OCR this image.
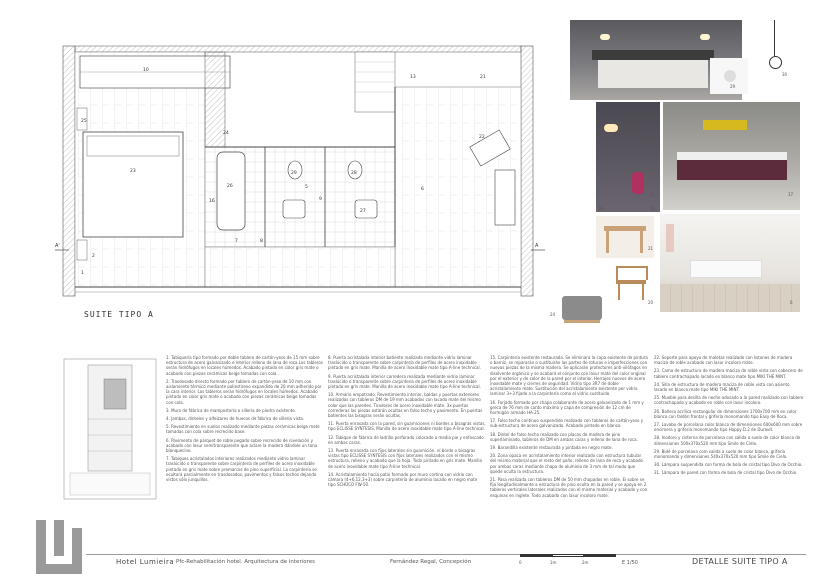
A'	A
10
13	21
22
25
24
23
16
26
29	28
27
5
9
6
7	8
2
1
SUITE TIPO A
29
30
22	17
18
19
21
20
24
6

1. Tabiquería tipo formado por doble tablero de cartón-yeso de 15 mm sobre estructura de acero galvanizado e interior relleno de lana de roca.Los tableros serán hidrófugos en locales húmedos. Acabado pintado en color gris mate o acabado con piezas cerámicas beige tomadas con cola.

2. Trasdosado directo formado por tablero de cartón-yeso de 10 mm con aislamiento térmico mediante poliestireno expandido de 20 mm adherido por la cara interior. Los tableros serán hidrófugos en locales húmedos. Acabado pintado en color gris mate o acabado con piezas cerámicas beige tomadas con cola.

3. Muro de fábrica de mampostería o sillería de piedra existente.

4. Jambas, dinteles y alfeizares de huecos de fábrica de sillería vista.

5. Revestimiento en suelos realizado mediante piezas cerámicas beige mate tomadas con cola sobre recrecido base.

6. Pavimento de parquet de roble pegado sobre recrecido de nivelación y acabado con lasur semitransparente que aclare la madera dándole un tono blanquecino.

7. Tabiques acristalados interiores realizados mediante vidrio laminar traslúcido o transparente sobre carpintería de perfiles de acero inoxidable pintado en gris mate sobre premarcos de pino superficial. La carpintería se ocultará parcialmente en trasdosados, pavimentos y falsos techos dejando vistos sólo junquillos.

8. Puerta acristalada interior batiente realizada mediante vidrio laminar traslúcido o transparente sobre carpintería de perfiles de acero inoxidable pintado en gris mate. Manilla de acero inoxidable mate tipo A-line technical.

9. Puerta acristalada interior corredera realizada mediante vidrio laminar traslúcido o transparente sobre carpintería de perfiles de acero inoxidable pintado en gris mate. Manilla de acero inoxidable mate tipo A-line technical.

10. Armario empotrado. Revestimiento interior, baldas y puertas exteriores realizadas con tableros DM de 19 mm acabados con lacado mate del mismo color que las paredes. Tiradores de acero inoxidable mate. 3x puertas correderas las piezas estarán ocultas en falso techo y pavimento. En puertas batientes las bisagras serán ocultas.

11. Puerta enrasada con la pared, sin guarniciones ni bordes o bisagras vistas, tipo ECLISSE SYNTESIS. Manilla de acero inoxidable mate tipo A-line technical.

12. Tabique de fábrica de ladrillo perforado colocado a media pie y enfoscado en ambas caras.

13. Puerta enrasada con fijos laterales sin guarnición, ni borde o bisagras vistas tipo ECLISSE SYNTESIS con fijos laterales realizados con el mismo estructura, relleno y acabado que la hoja. Todo pintado en gris mate. Manilla de acero inoxidable mate tipo A-line technical.

14. Acristalamiento hacia patio formado por muro cortina con vidrio con cámara (4+6,12,3+3) sobre carpintería de aluminio lacado en negro mate tipo SCHÜCO FW-50.

15. Carpintería existente restaurada. Se eliminará la capa existente de pintura o barniz, se repararán o sustituirán las partes de roturas e imperfecciones con nuevas piezas de la misma madera. Se aplicarán protectores anti-xilófagos en disolvente orgánico y se acabará el conjunto con lasur mate del color original por el exterior y de color de la pared por el interior. Herrajes nuevos de acero inoxidable mate y cierres de seguridad. Vidrio tipo 3R7 de doble acristalamiento mate. Sustitución del acristalamiento existente por vidrio laminar 3+3 fijado a la carpintería como el vidrio sustituido.

16. Forjado formado por chapa colaborante de acero galvanizado de 1 mm y greca de 76 mm de canto máximo y capa de compresión de 12 cm de hormigón armado HA-25.

17. Falso techo continuo suspendido realizado con tableros de cartón-yeso y sub-estructura de acero galvanizado. Acabado pintado en blanco.

18. Dintel de falso techo realizado con placas de madera de pino superlaminado, tableros de DM en ambas caras y relleno de lana de roca.

19. Barandilla existente restaurada y pintada en negro mate.

20. Zona opaca en acristalamiento interior realizado con estructura tubular del mismo material que el resto del paño, relleno de lana de roca y acabado por ambas caras mediante chapa de aluminio de 3 mm de tal modo que quede oculta la estructura.

21. Pasa realizada con tableros DM de 50 mm chapados en roble. El sobre se fija longitudinalmente a estructura de pino oculta en la pared y se apoya en 2 tableros verticales laterales realizados con el mismo material y acabado y con esquinas en inglete. Todo acabado con lasur incoloro mate.

22. Soporte para apoyo de maletas realizado con listones de madera maciza de roble acabado con lasur incoloro mate.

23. Cama de estructura de madera maciza de roble vista con cabecero de tablero contrachapado lacado en blanco mate tipo MIKI THE MINT.

24. Silla de estructura de madera maciza de roble vista con asiento lacado en blanco mate tipo MIKI THE MINT.

25. Mueble para desilla de noche adosado a la pared realizado con tablero contrachapado y acabado en roble con lasur incoloro.

26. Bañera acrílica rectangular de dimensiones 1700x700 mm en color blanco con faldón frontal y grifería monomando tipo Easy de Roca.

27. Lavabo de porcelana color blanco de dimensiones 600x600 mm sobre encimera y grifería monomando tipo Happy D.2 de Duravit.

28. Inodoro y cisterna de porcelana con salida a suelo de color blanco de dimensiones 500x370x520 mm tipo Smile de Cielo.

29. Bidé de porcelana com salida a suelo de color blanco, grifería monomando y dimensiones 540x370x520 mm tipo Smile de Cielo.

30. Lámpara suspendida con forma de bola de cristal tipo Divo de Occhio.

31. Lámpara de pared con forma de bola de cristal tipo Divo de Occhio.

Hotel Lumieira Pfc-Rehabilitación hotel. Arquitectura de interiores	Fernández Regal, Concepción	0	1m	2m	E 1/50	DETALLE SUITE TIPO A
